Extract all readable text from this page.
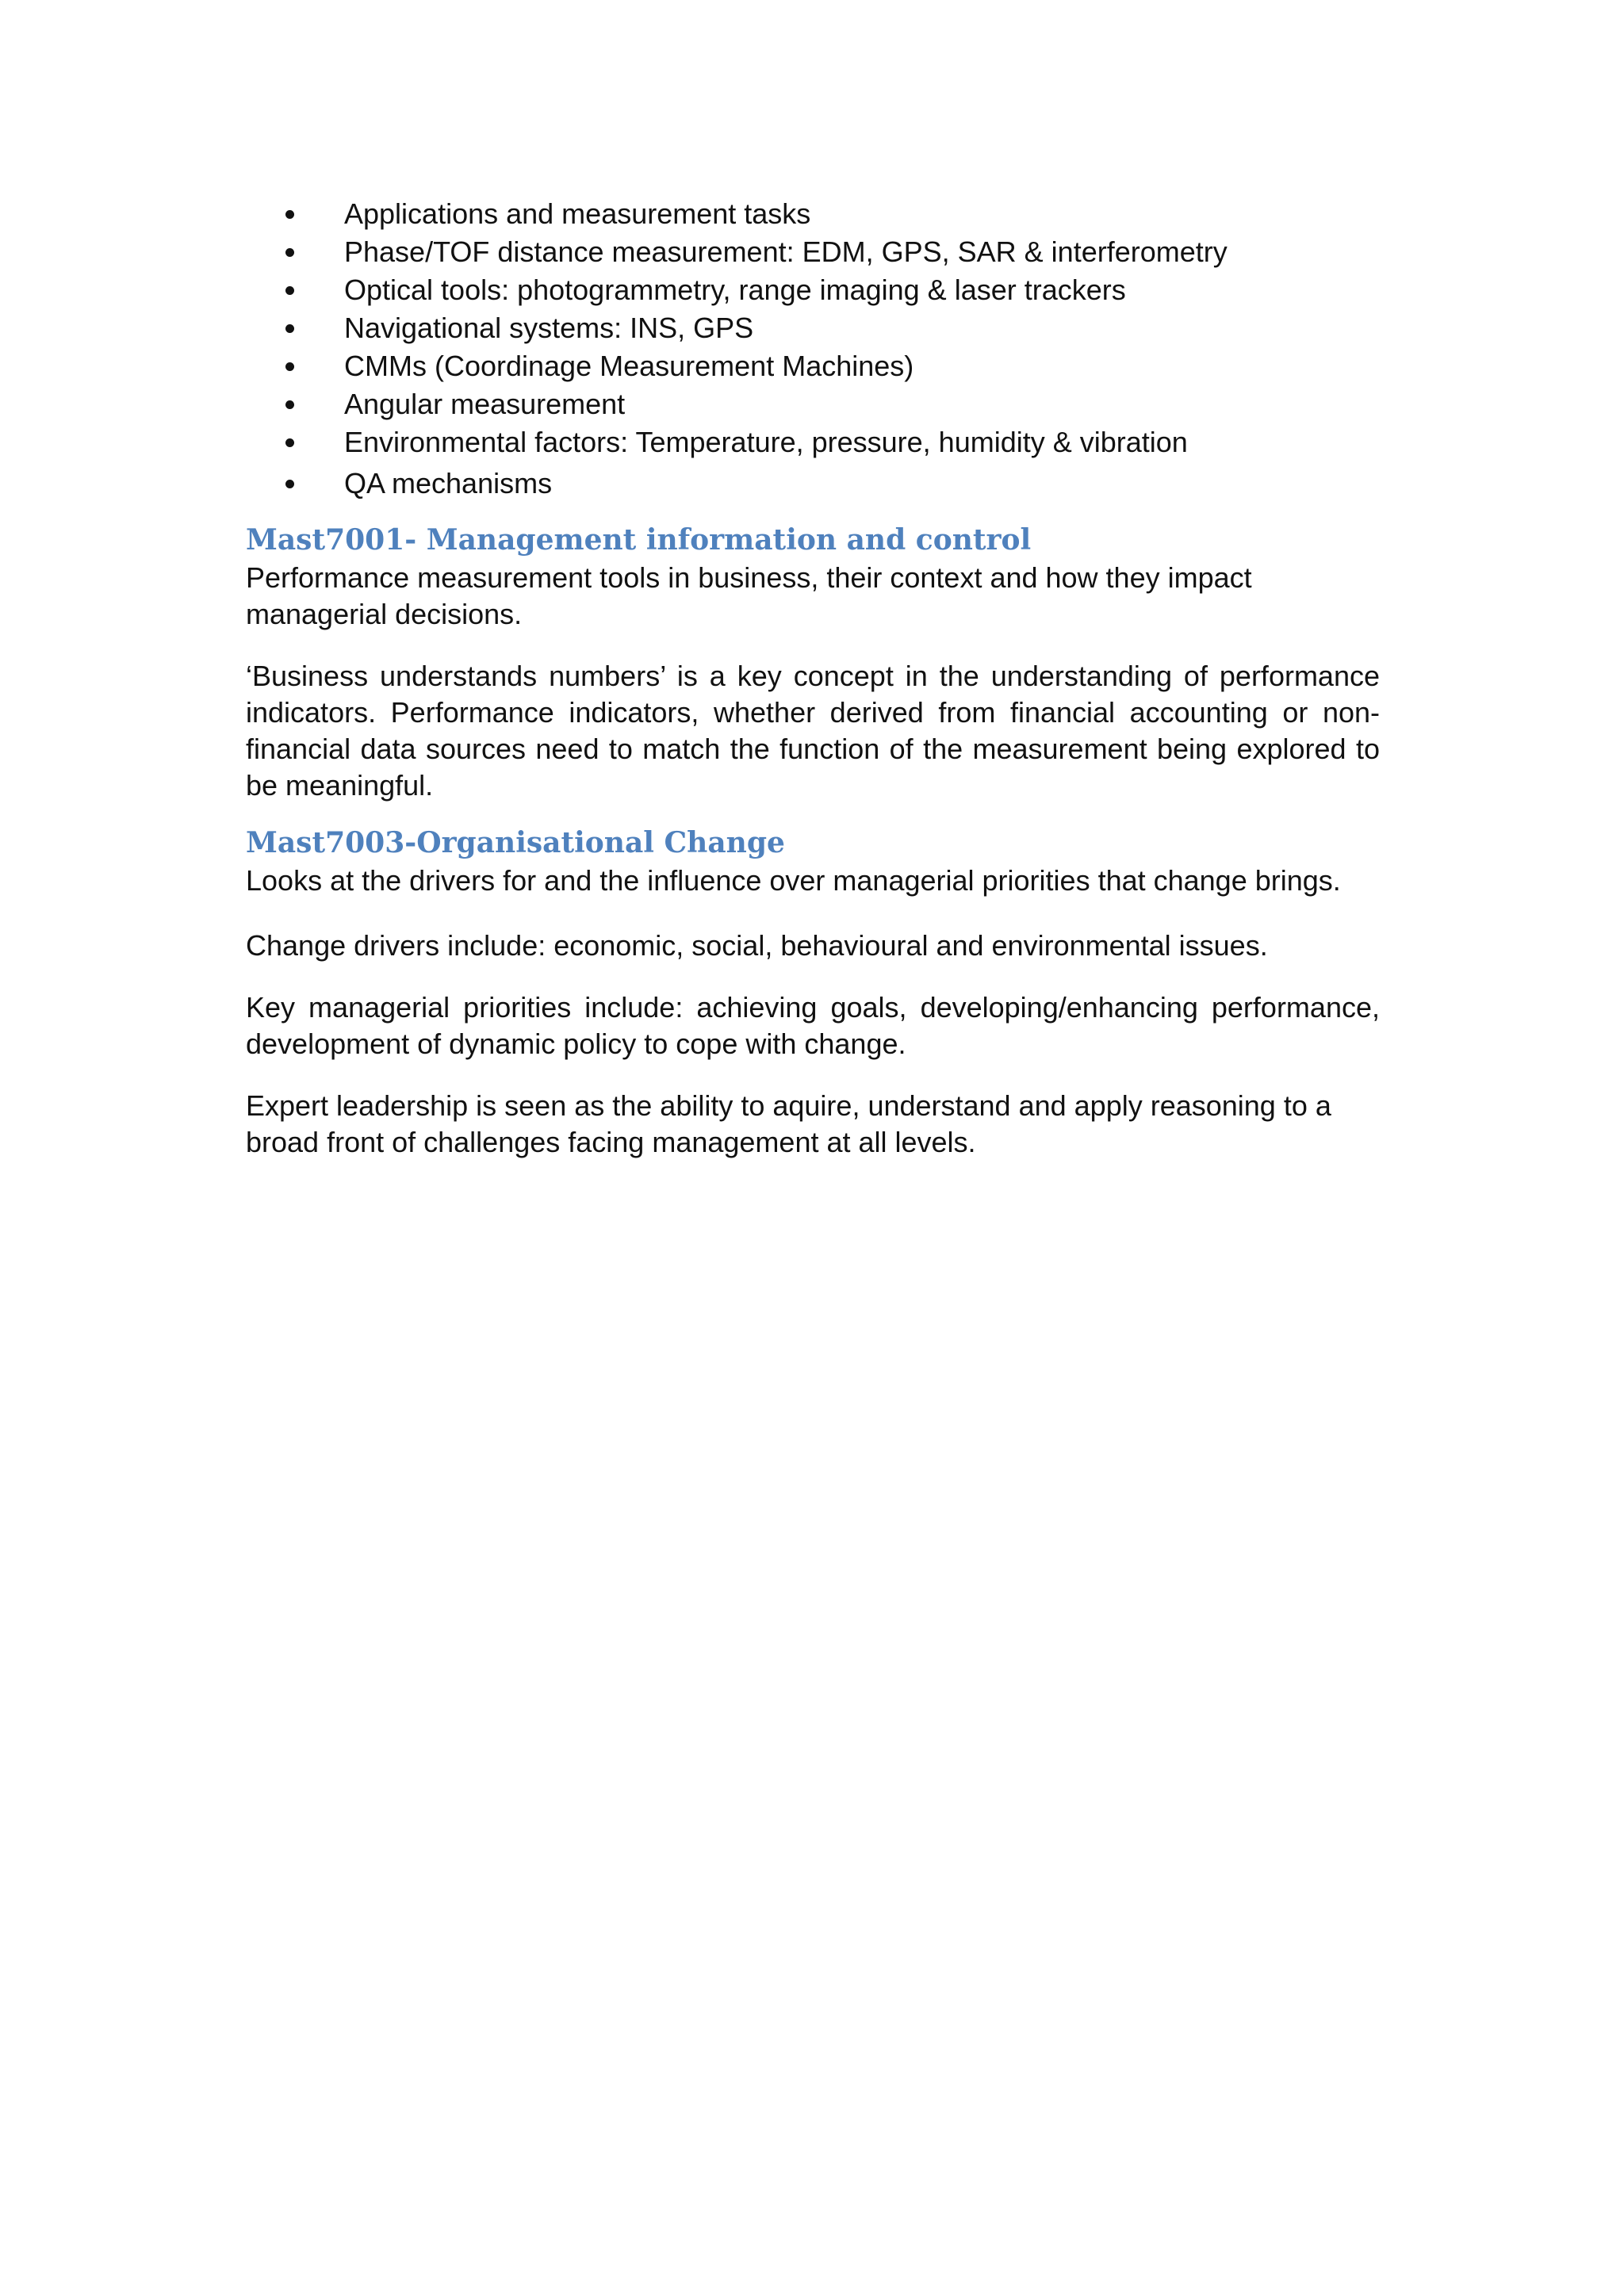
Applications and measurement tasks
Phase/TOF distance measurement: EDM, GPS, SAR & interferometry
Optical tools: photogrammetry, range imaging & laser trackers
Navigational systems: INS, GPS
CMMs (Coordinage Measurement Machines)
Angular measurement
Environmental factors: Temperature, pressure, humidity & vibration
QA mechanisms
Mast7001- Management information and control

Performance measurement tools in business, their context and how they impact managerial decisions.

‘Business understands numbers’ is a key concept in the understanding of performance indicators. Performance indicators, whether derived from financial accounting or non-financial data sources need to match the function of the measurement being explored to be meaningful.

Mast7003-Organisational Change

Looks at the drivers for and the influence over managerial priorities that change brings.

Change drivers include: economic, social, behavioural and environmental issues.

Key managerial priorities include: achieving goals, developing/enhancing performance, development of dynamic policy to cope with change.

Expert leadership is seen as the ability to aquire, understand and apply reasoning to a broad front of challenges facing management at all levels.
